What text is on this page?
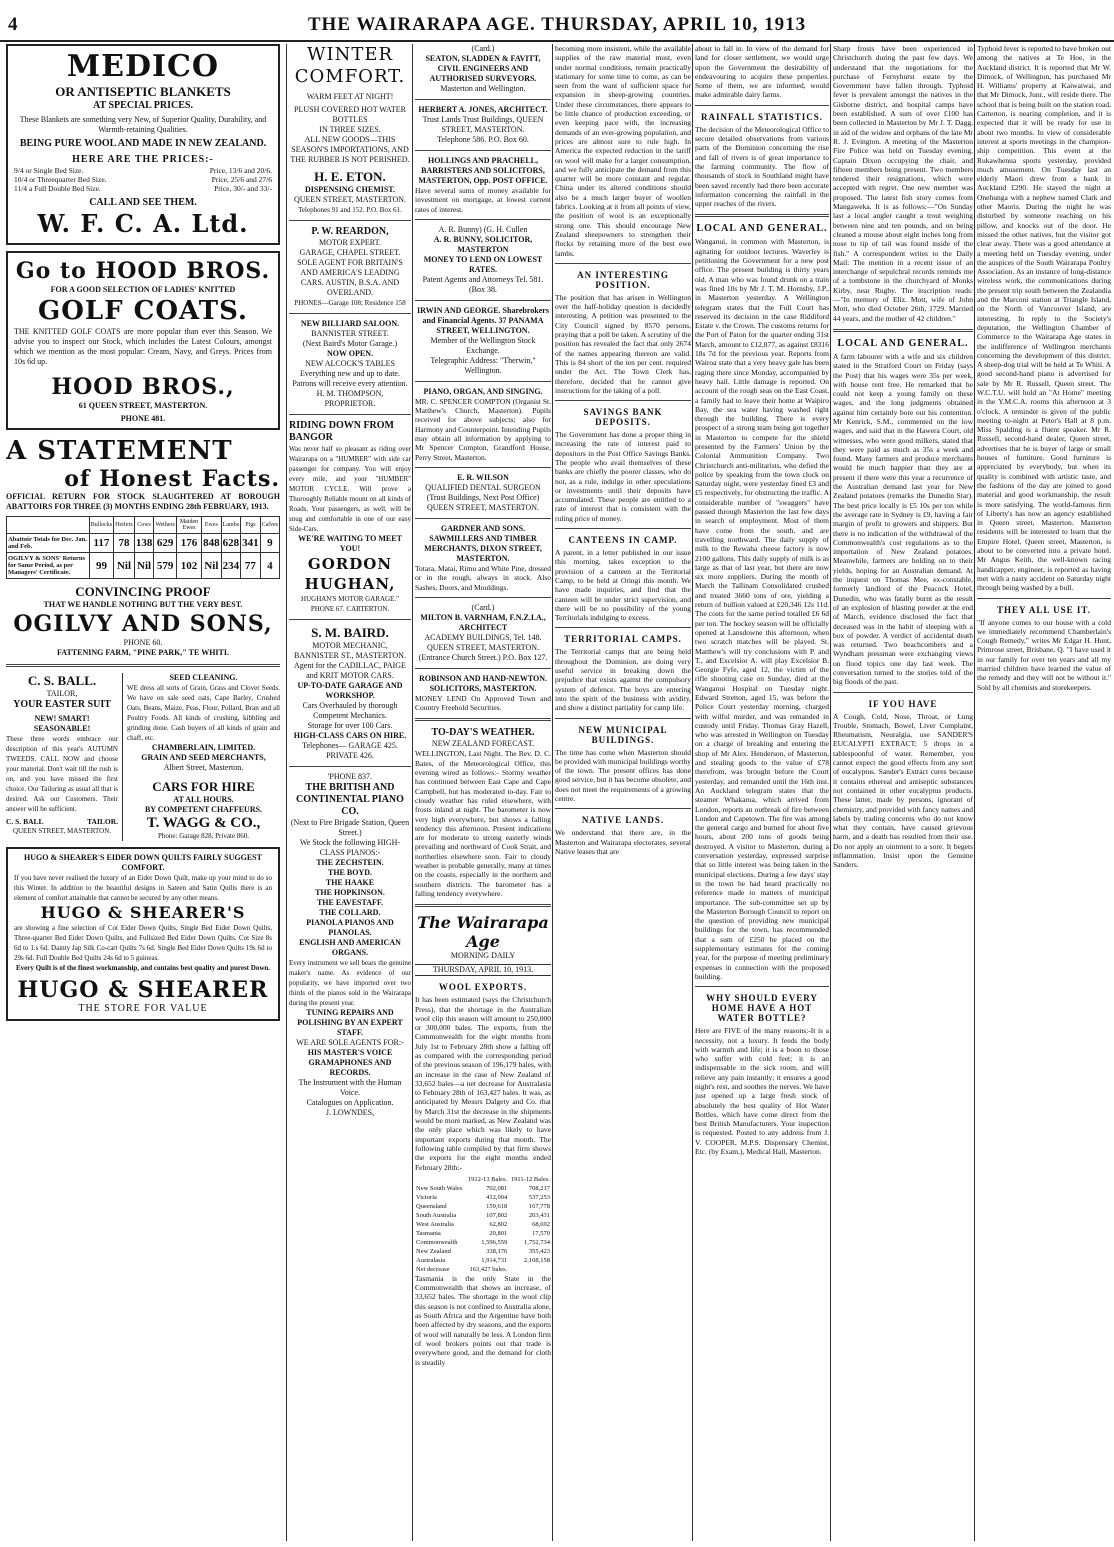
4	THE WAIRARAPA AGE. THURSDAY, APRIL 10, 1913
MEDICO
OR ANTISEPTIC BLANKETS
AT SPECIAL PRICES.
These Blankets are something very New, of Superior Quality, Durability, and Warmth-retaining Qualities.
BEING PURE WOOL AND MADE IN NEW ZEALAND.
HERE ARE THE PRICES:-
9/4 or Single Bed Size.	Price, 13/6 and 20/6.
10/4 or Threequarter Bed Size.	Price, 25/6 and 27/6
11/4 a Full Double Bed Size.	Price, 30/- and 33/-
CALL AND SEE THEM.
W. F. C. A. Ltd.
Go to HOOD BROS.
FOR A GOOD SELECTION OF LADIES' KNITTED
GOLF COATS.
THE KNITTED GOLF COATS are more popular than ever this Season. We advise you to inspect our Stock, which includes the Latest Colours, amongst which we mention as the most popular: Cream, Navy, and Greys. Prices from 10s 6d up.
HOOD BROS.,
61 QUEEN STREET, MASTERTON.
PHONE 481.
A STATEMENT
of Honest Facts.
OFFICIAL RETURN FOR STOCK SLAUGHTERED AT BOROUGH ABATTOIRS FOR THREE (3) MONTHS ENDING 28th FEBRUARY, 1913.
	Bullocks	Heifers	Cows	Wethers	Maiden Ewes	Ewes	Lambs	Pigs	Calves
Abattoir Totals for Dec. Jan. and Feb.	117	78	138	629	176	848	628	341	9
OGILVY & SONS' Returns for Same Period, as per Managers' Certificate.	99	Nil	Nil	579	102	Nil	234	77	4
CONVINCING PROOF
THAT WE HANDLE NOTHING BUT THE VERY BEST.
OGILVY AND SONS,
PHONE 60.
FATTENING FARM, "PINE PARK," TE WHITI.
C. S. BALL.
TAILOR,
YOUR EASTER SUIT
NEW! SMART! SEASONABLE!
These three words embrace our description of this year's AUTUMN TWEEDS. CALL NOW and choose your material. Don't wait till the rush is on, and you have missed the first choice. Our Tailoring as usual all that is desired. Ask our Customers. Their answer will be sufficient.
C. S. BALL	TAILOR.
QUEEN STREET, MASTERTON.
SEED CLEANING.
WE dress all sorts of Grain, Grass and Clover Seeds. We have on sale seed oats, Cape Barley, Crushed Oats, Beans, Maize, Peas, Flour, Pollard, Bran and all Poultry Foods. All kinds of crushing, kibbling and grinding done. Cash buyers of all kinds of grain and chaff, etc.
CHAMBERLAIN, LIMITED.
GRAIN AND SEED MERCHANTS,
Albert Street, Masterton.
CARS FOR HIRE
AT ALL HOURS.
BY COMPETENT CHAFFEURS.
T. WAGG & CO.,
Phone: Garage 828, Private 860.
HUGO & SHEARER'S EIDER DOWN QUILTS FAIRLY SUGGEST COMFORT.
If you have never realised the luxury of an Eider Down Quilt, make up your mind to do so this Winter. In addition to the beautiful designs in Sateen and Satin Quilts there is an element of comfort attainable that cannot be secured by any other means.
HUGO & SHEARER'S
are showing a fine selection of Cot Eider Down Quilts, Single Bed Eider Down Quilts, Three-quarter Bed Eider Down Quilts, and Fullsized Bed Eider Down Quilts. Cot Size 8s 6d to 1.s 6d. Dainty Jap Silk Co-cart Quilts 7s 6d. Single Bed Eider Down Quilts 19s 6d to 29s 6d. Full Double Bed Quilts 24s 6d to 5 guineas.
Every Quilt is of the finest workmanship, and contains best quality and purest Down.
HUGO & SHEARER
THE STORE FOR VALUE
WINTER COMFORT.
WARM FEET AT NIGHT!
PLUSH COVERED HOT WATER BOTTLES
IN THREE SIZES.
ALL NEW GOODS—THIS SEASON'S IMPORTATIONS, AND THE RUBBER IS NOT PERISHED.
H. E. ETON.
DISPENSING CHEMIST.
QUEEN STREET, MASTERTON.
Telephones 91 and 152. P.O. Box 61.
P. W. REARDON,
MOTOR EXPERT.
GARAGE, CHAPEL STREET. SOLE AGENT FOR BRITAIN'S AND AMERICA'S LEADING CARS. AUSTIN, B.S.A. AND OVERLAND.
PHONES—Garage 108; Residence 158
NEW BILLIARD SALOON.
BANNISTER STREET.
(Next Baird's Motor Garage.)
NOW OPEN.
NEW ALCOCK'S TABLES
Everything new and up to date. Patrons will receive every attention.
H. M. THOMPSON,
PROPRIETOR.
RIDING DOWN FROM BANGOR
Was never half so pleasant as riding over Wairarapa on a "HUMBER" with side car passenger for company. You will enjoy every mile, and your "HUMBER" MOTOR CYCLE. Will prove a Thoroughly Reliable mount on all kinds of Roads. Your passengers, as well, will be snug and comfortable in one of our easy Side-Cars.
WE'RE WAITING TO MEET YOU!
GORDON HUGHAN,
HUGHAN'S MOTOR GARAGE." PHONE 67. CARTERTON.
S. M. BAIRD.
MOTOR MECHANIC,
BANNISTER ST., MASTERTON.
Agent for the CADILLAC, PAIGE and KRIT MOTOR CARS.
UP-TO-DATE GARAGE AND WORKSHOP.
Cars Overhauled by thorough Competent Mechanics.
Storage for over 100 Cars.
HIGH-CLASS CARS ON HIRE.
Telephones— GARAGE 425. PRIVATE 426.
'PHONE 837.
THE BRITISH AND CONTINENTAL PIANO CO.
(Next to Fire Brigade Station, Queen Street.)
We Stock the following HIGH-CLASS PIANOS:-
THE ZECHSTEIN.
THE BOYD.
THE HAAKE
THE HOPKINSON.
THE EAVESTAFF.
THE COLLARD.
PIANOLA PIANOS AND PIANOLAS.
ENGLISH AND AMERICAN ORGANS.
Every instrument we sell bears the genuine maker's name. As evidence of our popularity, we have imported over two thirds of the pianos sold in the Wairarapa during the present year.
TUNING REPAIRS AND POLISHING BY AN EXPERT STAFF.
WE ARE SOLE AGENTS FOR:-
HIS MASTER'S VOICE GRAMAPHONES AND RECORDS.
The Instrument with the Human Voice.
Catalogues on Application.
J. LOWNDES,
(Card.)
SEATON, SLADDEN & FAVITT, CIVIL ENGINEERS AND AUTHORISED SURVEYORS.
Masterton and Wellington.
HERBERT A. JONES, ARCHITECT.
Trust Lands Trust Buildings, QUEEN STREET, MASTERTON.
Telephone 586. P.O. Box 60.
HOLLINGS AND PRACHELL, BARRISTERS AND SOLICITORS, MASTERTON, Opp. POST OFFICE.
Have several sums of money available for investment on mortgage, at lowest current rates of interest.
A. R. Bunny) (G. H. Cullen
A. R. BUNNY, SOLICITOR, MASTERTON
MONEY TO LEND ON LOWEST RATES.
Patent Agents and Attorneys Tel. 581. (Box 38.
IRWIN AND GEORGE. Sharebrokers and Financial Agents. 37 PANAMA STREET, WELLINGTON.
Member of the Wellington Stock Exchange.
Telegraphic Address: "Therwin," Wellington.
PIANO, ORGAN, AND SINGING.
MR. C. SPENCER COMPTON (Organist St. Matthew's Church, Masterton). Pupils received for above subjects; also for Harmony and Counterpoint. Intending Pupils may obtain all information by applying to Mr Spencer Compton, Grandford House, Perry Street, Masterton.
E. R. WILSON
QUALIFIED DENTAL SURGEON (Trust Buildings, Next Post Office) QUEEN STREET, MASTERTON.
GARDNER AND SONS. SAWMILLERS AND TIMBER MERCHANTS, DIXON STREET, MASTERTON.
Totara, Matai, Rimu and White Pine, dressed or in the rough, always in stock. Also Sashes, Doors, and Mouldings.
(Card.)
MILTON B. VARNHAM, F.N.Z.I.A., ARCHITECT
ACADEMY BUILDINGS, Tel. 148. QUEEN STREET, MASTERTON. (Entrance Church Street.) P.O. Box 127.
ROBINSON AND HAND-NEWTON. SOLICITORS, MASTERTON.
MONEY LEND On Approved Town and Country Freehold Securities.
TO-DAY'S WEATHER.
NEW ZEALAND FORECAST.
WELLINGTON, Last Night. The Rev. D. C. Bates, of the Meteorological Office, this evening wired as follows:- Stormy weather has continued between East Cape and Cape Campbell, but has moderated to-day. Fair to cloudy weather has ruled elsewhere, with frosts inland at night. The barometer is now very high everywhere, but shows a falling tendency this afternoon. Present indications are for moderate to strong easterly winds prevailing and northward of Cook Strait, and northerlies elsewhere soon. Fair to cloudy weather is probable generally, many at times on the coasts, especially in the northern and southern districts. The barometer has a falling tendency everywhere.
The Wairarapa Age
MORNING DAILY
THURSDAY, APRIL 10, 1913.
WOOL EXPORTS.
It has been estimated (says the Christchurch Press), that the shortage in the Australian wool clip this season will amount to 250,000 or 300,000 bales. The exports, from the Commonwealth for the eight months from July 1st to February 28th show a falling off as compared with the corresponding period of the previous season of 196,179 bales, with an increase in the case of New Zealand of 33,652 bales—a net decrease for Australasia to February 28th of 163,427 bales. It was, as anticipated by Messrs Dalgety and Co. that by March 31st the decrease in the shipments would be more marked, as New Zealand was the only place which was likely to have important exports during that month. The following table compiled by that firm shows the exports for the eight months ended February 28th:-
	1912-13 Bales.	1911-12 Bales.
New South Wales	702,081	708,217
Victoria	412,004	537,253
Queensland	159,618	167,778
South Australia	107,802	203,431
West Australia	62,802	68,692
Tasmania	20,801	17,570
Commonwealth	1,596,559	1,752,734
New Zealand	338,176	355,423
Australasia	1,914,731	2,108,158
Net decrease	163,427 bales.	
Tasmania is the only State in the Commonwealth that shows an increase, of 33,652 bales. The shortage in the wool clip this season is not confined to Australia alone, as South Africa and the Argentine have both been affected by dry seasons, and the exports of wool will naturally be less. A London firm of wool brokers points out that trade is everywhere good, and the demand for cloth is steadily
becoming more insistent, while the available supplies of the raw material must, even under normal conditions, remain practically stationary for some time to come, as can be seen from the want of sufficient space for expansion in sheep-growing countries. Under these circumstances, there appears to be little chance of production exceeding, or even keeping pace with, the increasing demands of an ever-growing population, and prices are almost sure to rule high. In America the expected reduction in the tariff on wool will make for a larger consumption, and we fully anticipate the demand from this quarter will be more constant and regular. China under its altered conditions should also be a much larger buyer of woollen fabrics. Looking at it from all points of view, the position of wool is an exceptionally strong one. This should encourage New Zealand sheepowners to strengthen their flocks by retaining more of the best ewe lambs.
AN INTERESTING POSITION.
The position that has arisen in Wellington over the half-holiday question is decidedly interesting. A petition was presented to the City Council signed by 8570 persons, praying that a poll be taken. A scrutiny of the position has revealed the fact that only 2674 of the names appearing thereon are valid. This is 84 short of the ten per cent. required under the Act. The Town Clerk has, therefore, decided that he cannot give instructions for the taking of a poll.
SAVINGS BANK DEPOSITS.
The Government has done a proper thing in increasing the rate of interest paid to depositors in the Post Office Savings Banks. The people who avail themselves of these banks are chiefly the poorer classes, who do not, as a rule, indulge in other speculations or investments until their deposits have accumulated. These people are entitled to a rate of interest that is consistent with the ruling price of money.
CANTEENS IN CAMP.
A parent, in a letter published in our issue this morning, takes exception to the provision of a canteen at the Territorial Camp, to be held at Oringi this month. We have made inquiries, and find that the canteen will be under strict supervision, and there will be no possibility of the young Territorials indulging to excess.
TERRITORIAL CAMPS.
The Territorial camps that are being held throughout the Dominion, are doing very useful service in breaking down the prejudice that exists against the compulsory system of defence. The boys are entering into the spirit of the business with avidity, and show a distinct partiality for camp life.
NEW MUNICIPAL BUILDINGS.
The time has come when Masterton should be provided with municipal buildings worthy of the town. The present offices has done good service, but it has become obsolete, and does not meet the requirements of a growing centre.
NATIVE LANDS.
We understand that there are, in the Masterton and Wairarapa electorates, several Native leases that are
about to fall in. In view of the demand for land for closer settlement, we would urge upon the Government the desirability of endeavouring to acquire these properties. Some of them, we are informed, would make admirable dairy farms.
RAINFALL STATISTICS.
The decision of the Meteorological Office to secure detailed observations from various parts of the Dominion concerning the rise and fall of rivers is of great importance to the farming community. The flow of thousands of stock in Southland might have been saved recently had there been accurate information concerning the rainfall in the upper reaches of the rivers.
LOCAL AND GENERAL.
Wanganui, in common with Masterton, is agitating for outdoor lectures. Waverley is petitioning the Government for a new post office. The present building is thirty years old. A man who was found drunk on a train was fined 10s by Mr J. T. M. Hornsby, J.P., in Masterton yesterday. A Wellington telegram states that the Full Court has reserved its decision in the case Riddiford Estate v. the Crown. The customs returns for the Port of Paton for the quarter ending 31st March, amount to £12,877, as against £8316 18s 7d for the previous year. Reports from Wairoa state that a very heavy gale has been raging there since Monday, accompanied by heavy hail. Little damage is reported. On account of the rough seas on the East Coast, a family had to leave their home at Waipiro Bay, the sea water having washed right through the building. There is every prospect of a strong team being got together in Masterton to compete for the shield presented by the Farmers' Union by the Colonial Ammunition Company. Two Christchurch anti-militarists, who defied the police by speaking from the town clock on Saturday night, were yesterday fined £3 and £5 respectively, for obstructing the traffic. A considerable number of "swaggers" have passed through Masterton the last few days in search of employment. Most of them have come from the south, and are travelling northward. The daily supply of milk to the Rewaha cheese factory is now 2100 gallons. This daily supply of milk is as large as that of last year, but there are now six more suppliers. During the month of March the Tallinam Consolidated crushed and treated 3660 tons of ore, yielding a return of bullion valued at £20,346 12s 11d. The costs for the same period totalled £6 6d per ton. The hockey season will be officially opened at Lansdowne this afternoon, when two scratch matches will be played. St. Matthew's will try conclusions with P. and T., and Excelsior A. will play Excelsior B. Georgie Fyfe, aged 12, the victim of the rifle shooting case on Sunday, died at the Wanganui Hospital on Tuesday night. Edward Stretton, aged 15, was before the Police Court yesterday morning, charged with wilful murder, and was remanded in custody until Friday. Thomas Gray Hazell, who was arrested in Wellington on Tuesday on a charge of breaking and entering the shop of Mr Alex. Henderson, of Masterton, and stealing goods to the value of £78 therefrom, was brought before the Court yesterday, and remanded until the 16th inst. An Auckland telegram states that the steamer Whakarua, which arrived from London, reports an outbreak of fire between London and Capetown. The fire was among the general cargo and burned for about five hours, about 200 tons of goods being destroyed. A visitor to Masterton, during a conversation yesterday, expressed surprise that so little interest was being taken in the municipal elections. During a few days' stay in the town he had heard practically no reference made to matters of municipal importance. The sub-committee set up by the Masterton Borough Council to report on the question of providing new municipal buildings for the town, has recommended that a sum of £250 be placed on the supplementary estimates for the coming year, for the purpose of meeting preliminary expenses in connection with the proposed building.
WHY SHOULD EVERY HOME HAVE A HOT WATER BOTTLE?
Here are FIVE of the many reasons:-It is a necessity, not a luxury. It feeds the body with warmth and life; it is a boon to those who suffer with cold feet; it is an indispensable in the sick room, and will relieve any pain instantly; it ensures a good night's rest, and soothes the nerves. We have just opened up a large fresh stock of absolutely the best quality of Hot Water Bottles, which have come direct from the best British Manufacturers. Your inspection is requested. Posted to any address from J. V. COOPER, M.P.S. Dispensary Chemist, Etc. (by Exam.), Medical Hall, Masterton.
Sharp frosts have been experienced in Christchurch during the past few days. We understand that the negotiations for the purchase of Fernyhurst estate by the Government have fallen through. Typhoid fever is prevalent amongst the natives in the Gisborne district, and hospital camps have been established. A sum of over £100 has been collected in Masterton by Mr J. T. Dagg, in aid of the widow and orphans of the late Mr R. J. Evington. A meeting of the Masterton Fire Police was held on Tuesday evening, Captain Dixon occupying the chair, and fifteen members being present. Two members tendered their resignations, which were accepted with regret. One new member was proposed. The latest fish story comes from Mangaweka. It is as follows:—"On Sunday last a local angler caught a trout weighing between nine and ten pounds, and on being cleaned a mouse about eight inches long from nose to tip of tail was found inside of the fish." A correspondent writes to the Daily Mail: The mention in a recent issue of an interchange of sepulchral records reminds me of a tombstone in the churchyard of Monks Kirby, near Rugby. The inscription reads:—"In memory of Eliz. Mott, wife of John Mott, who died October 26th, 1729. Married 44 years, and the mother of 42 children."
LOCAL AND GENERAL.
A farm labourer with a wife and six children stated in the Stratford Court on Friday (says the Post) that his wages were 35s per week, with house rent free. He remarked that he could not keep a young family on these wages, and the long judgments obtained against him certainly bore out his contention. Mr Kenrick, S.M., commented on the low wages, and said that in the Hawera Court, old witnesses, who were good milkers, stated that they were paid as much as 35s a week and found. Many farmers and produce merchants would be much happier than they are at present if there were this year a recurrence of the Australian demand last year for New Zealand potatoes (remarks the Dunedin Star). The best price locally is £5 10s per ton while the average rate in Sydney is £9, having a fair margin of profit to growers and shippers. But there is no indication of the withdrawal of the Commonwealth's cost regulations as to the importation of New Zealand potatoes. Meanwhile, farmers are holding on to their yields, hoping for an Australian demand. At the inquest on Thomas Mee, ex-constable, formerly landlord of the Peacock Hotel, Dunedin, who was fatally burnt as the result of an explosion of blasting powder at the end of March, evidence disclosed the fact that deceased was in the habit of sleeping with a box of powder. A verdict of accidental death was returned. Two beachcombers and a Wyndham pressman were exchanging views on flood topics one day last week. The conversation turned to the stories told of the big floods of the past.
IF YOU HAVE
A Cough, Cold, Nose, Throat, or Lung Trouble, Stomach, Bowel, Liver Complaint, Rheumatism, Neuralgia, use SANDER'S EUCALYPTI EXTRACT; 5 drops in a tablespoonful of water. Remember, you cannot expect the good effects from any sort of eucalyptus. Sander's Extract cures because it contains ethereal and antiseptic substances not contained in other eucalyptus products. These latter, made by persons, ignorant of chemistry, and provided with fancy names and labels by trading concerns who do not know what they contain, have caused grievous harm, and a death has resulted from their use. Do not apply an ointment to a sore. It begets inflammation. Insist upon the Genuine Sanders.
Typhoid fever is reported to have broken out among the natives at Te Hoe, in the Auckland district. It is reported that Mr W. Dimock, of Wellington, has purchased Mr H. Williams' property at Kaiwaiwai, and that Mr Dimock, Junr., will reside there. The school that is being built on the station road, Carterton, is nearing completion, and it is expected that it will be ready for use in about two months. In view of considerable interest at sports meetings in the champion-ship competition. This event at the Rukawhenua sports yesterday, provided much amusement. On Tuesday last an elderly Maori drew from a bank in Auckland £290. He stayed the night at Onehunga with a nephew named Clark and other Maoris. During the night he was disturbed by someone reaching on his pillow, and knocks out of the door. He missed the other natives, but the visitor got clear away. There was a good attendance at a meeting held on Tuesday evening, under the auspices of the South Wairarapa Poultry Association. As an instance of long-distance wireless work, the communications during the present trip south between the Zealandia and the Marconi station at Triangle Island, on the North of Vancouver Island, are interesting. In reply to the Society's deputation, the Wellington Chamber of Commerce to the Wairarapa Age states in the indifference of Wellington merchants concerning the development of this district. A sheep-dog trial will be held at Te Whiti. A good second-hand piano is advertised for sale by Mr R. Russell, Queen street. The W.C.T.U. will hold an "At Home" meeting in the Y.M.C.A. rooms this afternoon at 3 o'clock. A reminder is given of the public meeting to-night at Peter's Hall at 8 p.m. Miss Spalding is a fluent speaker. Mr R. Russell, second-hand dealer, Queen street, advertises that he is buyer of large or small houses of furniture. Good furniture is appreciated by everybody, but when its quality is combined with artistic taste, and the fashions of the day are joined to good material and good workmanship, the result is more satisfying. The world-famous firm of Liberty's has now an agency established in Queen street, Masterton. Masterton residents will be interested to learn that the Empire Hotel, Queen street, Masterton, is about to be converted into a private hotel. Mr Angus Keith, the well-known racing handicapper, engineer, is reported as having met with a nasty accident on Saturday night through being washed by a bull.
THEY ALL USE IT.
"If anyone comes to our house with a cold we immediately recommend Chamberlain's Cough Remedy," writes Mr Edgar H. Hunt, Primrose street, Brisbane, Q. "I have used it in our family for over ten years and all my married children have learned the value of the remedy and they will not be without it." Sold by all chemists and storekeepers.
